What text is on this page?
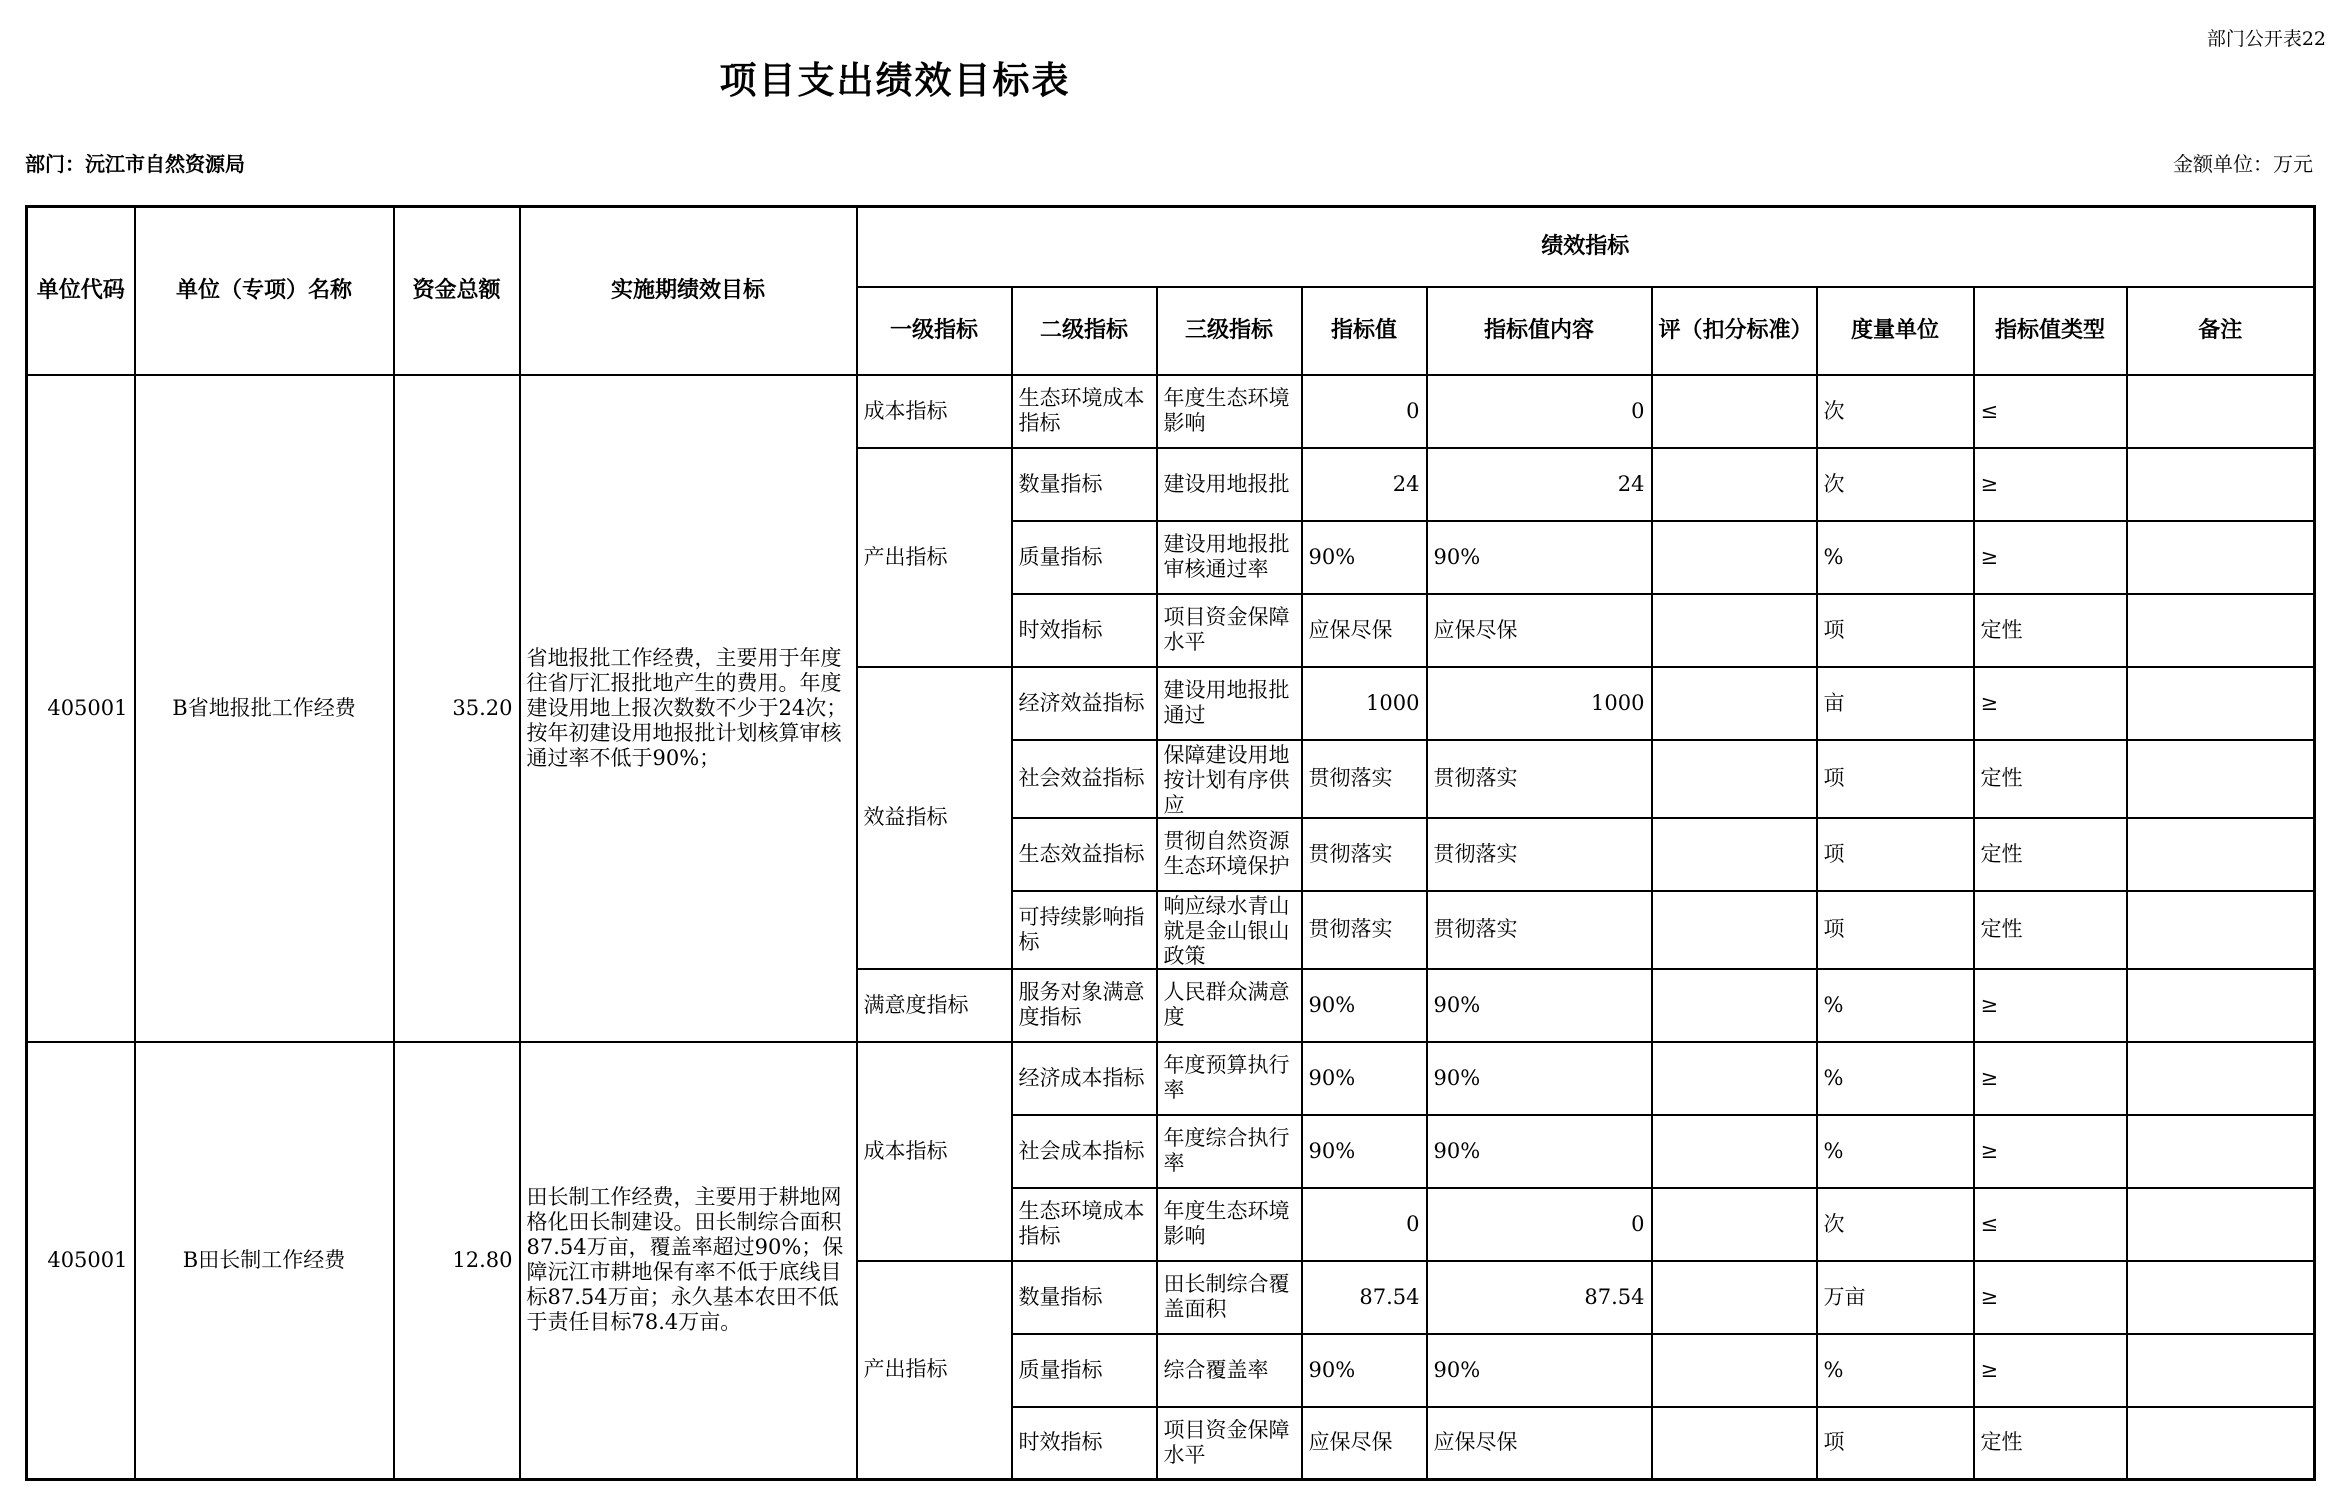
部门公开表22
项目支出绩效目标表
部门：沅江市自然资源局	金额单位：万元
单位代码	单位（专项）名称	资金总额	实施期绩效目标	绩效指标								
				一级指标	二级指标	三级指标	指标值	指标值内容	评（扣分标准）	度量单位	指标值类型	备注
405001	B省地报批工作经费	35.20	省地报批工作经费，主要用于年度往省厅汇报批地产生的费用。年度建设用地上报次数数不少于24次；按年初建设用地报批计划核算审核通过率不低于90%；	成本指标	生态环境成本指标	年度生态环境影响	0	0		次	≤	
				产出指标	数量指标	建设用地报批	24	24		次	≥	
					质量指标	建设用地报批审核通过率	90%	90%		%	≥	
					时效指标	项目资金保障水平	应保尽保	应保尽保		项	定性	
				效益指标	经济效益指标	建设用地报批通过	1000	1000		亩	≥	
					社会效益指标	保障建设用地按计划有序供应	贯彻落实	贯彻落实		项	定性	
					生态效益指标	贯彻自然资源生态环境保护	贯彻落实	贯彻落实		项	定性	
					可持续影响指标	响应绿水青山就是金山银山政策	贯彻落实	贯彻落实		项	定性	
				满意度指标	服务对象满意度指标	人民群众满意度	90%	90%		%	≥	
405001	B田长制工作经费	12.80	田长制工作经费，主要用于耕地网格化田长制建设。田长制综合面积87.54万亩，覆盖率超过90%；保障沅江市耕地保有率不低于底线目标87.54万亩；永久基本农田不低于责任目标78.4万亩。	成本指标	经济成本指标	年度预算执行率	90%	90%		%	≥	
					社会成本指标	年度综合执行率	90%	90%		%	≥	
					生态环境成本指标	年度生态环境影响	0	0		次	≤	
				产出指标	数量指标	田长制综合覆盖面积	87.54	87.54		万亩	≥	
					质量指标	综合覆盖率	90%	90%		%	≥	
					时效指标	项目资金保障水平	应保尽保	应保尽保		项	定性	
